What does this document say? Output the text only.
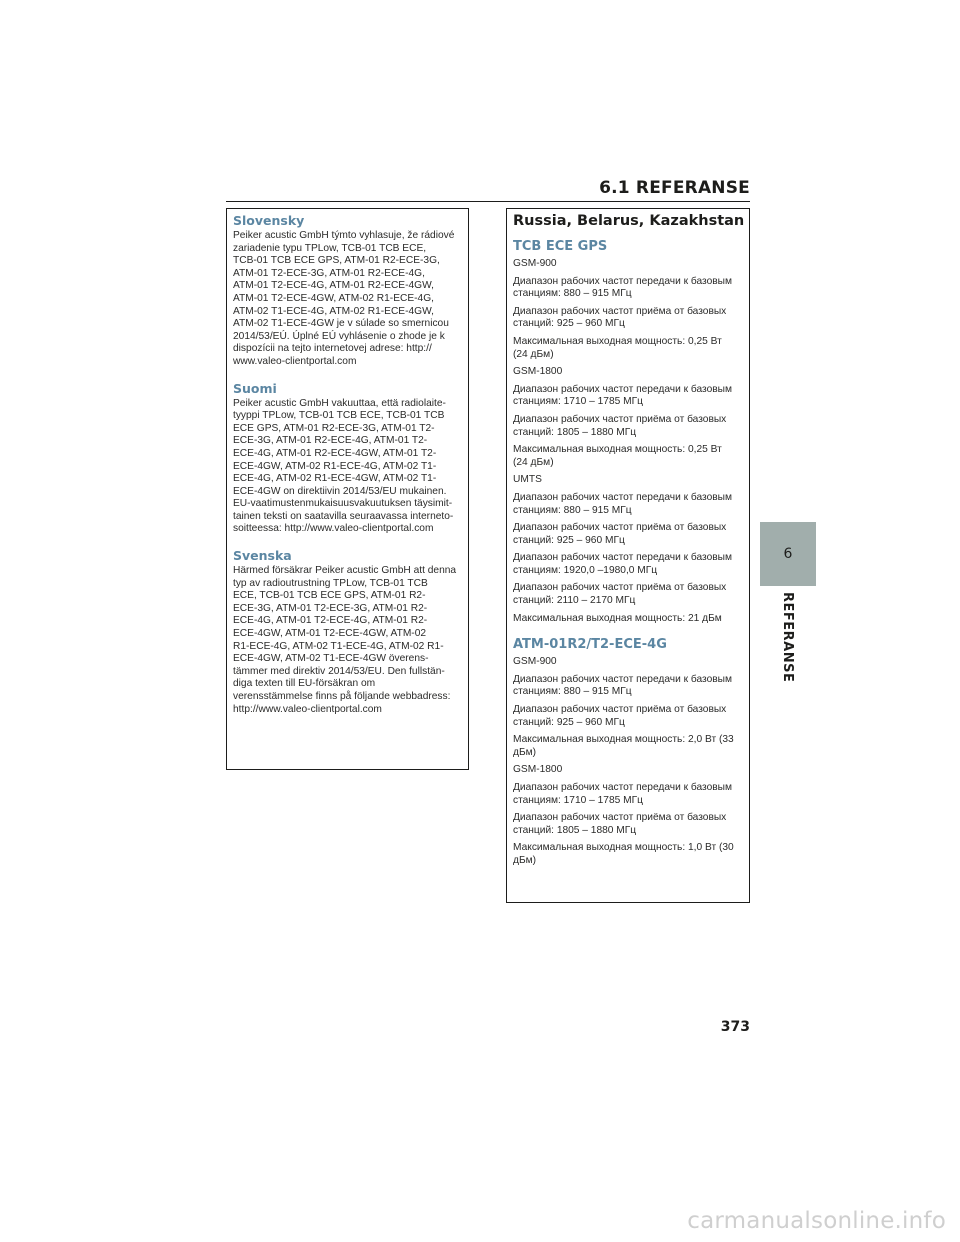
6.1 REFERANSE
Slovensky
Peiker acustic GmbH týmto vyhlasuje, že rádiové
zariadenie typu TPLow, TCB-01 TCB ECE,
TCB-01 TCB ECE GPS, ATM-01 R2-ECE-3G,
ATM-01 T2-ECE-3G, ATM-01 R2-ECE-4G,
ATM-01 T2-ECE-4G, ATM-01 R2-ECE-4GW,
ATM-01 T2-ECE-4GW, ATM-02 R1-ECE-4G,
ATM-02 T1-ECE-4G, ATM-02 R1-ECE-4GW,
ATM-02 T1-ECE-4GW je v súlade so smernicou
2014/53/EÚ. Úplné EÚ vyhlásenie o zhode je k
dispozícii na tejto internetovej adrese: http://
www.valeo-clientportal.com
Suomi
Peiker acustic GmbH vakuuttaa, että radiolaite-
tyyppi TPLow, TCB-01 TCB ECE, TCB-01 TCB
ECE GPS, ATM-01 R2-ECE-3G, ATM-01 T2-
ECE-3G, ATM-01 R2-ECE-4G, ATM-01 T2-
ECE-4G, ATM-01 R2-ECE-4GW, ATM-01 T2-
ECE-4GW, ATM-02 R1-ECE-4G, ATM-02 T1-
ECE-4G, ATM-02 R1-ECE-4GW, ATM-02 T1-
ECE-4GW on direktiivin 2014/53/EU mukainen.
EU-vaatimustenmukaisuusvakuutuksen täysimit-
tainen teksti on saatavilla seuraavassa interneto-
soitteessa: http://www.valeo-clientportal.com
Svenska
Härmed försäkrar Peiker acustic GmbH att denna
typ av radioutrustning TPLow, TCB-01 TCB
ECE, TCB-01 TCB ECE GPS, ATM-01 R2-
ECE-3G, ATM-01 T2-ECE-3G, ATM-01 R2-
ECE-4G, ATM-01 T2-ECE-4G, ATM-01 R2-
ECE-4GW, ATM-01 T2-ECE-4GW, ATM-02
R1-ECE-4G, ATM-02 T1-ECE-4G, ATM-02 R1-
ECE-4GW, ATM-02 T1-ECE-4GW överens-
tämmer med direktiv 2014/53/EU. Den fullstän-
diga texten till EU-försäkran om
verensstämmelse finns på följande webbadress:
http://www.valeo-clientportal.com
Russia, Belarus, Kazakhstan
TCB ECE GPS
GSM-900
Диапазон рабочих частот передачи к базовым
станциям: 880 – 915 МГц
Диапазон рабочих частот приёма от базовых
станций: 925 – 960 МГц
Максимальная выходная мощность: 0,25 Вт
(24 дБм)
GSM-1800
Диапазон рабочих частот передачи к базовым
станциям: 1710 – 1785 МГц
Диапазон рабочих частот приёма от базовых
станций: 1805 – 1880 МГц
Максимальная выходная мощность: 0,25 Вт
(24 дБм)
UMTS
Диапазон рабочих частот передачи к базовым
станциям: 880 – 915 МГц
Диапазон рабочих частот приёма от базовых
станций: 925 – 960 МГц
Диапазон рабочих частот передачи к базовым
станциям: 1920,0 –1980,0 МГц
Диапазон рабочих частот приёма от базовых
станций: 2110 – 2170 МГц
Максимальная выходная мощность: 21 дБм
ATM-01R2/T2-ECE-4G
GSM-900
Диапазон рабочих частот передачи к базовым
станциям: 880 – 915 МГц
Диапазон рабочих частот приёма от базовых
станций: 925 – 960 МГц
Максимальная выходная мощность: 2,0 Вт (33
дБм)
GSM-1800
Диапазон рабочих частот передачи к базовым
станциям: 1710 – 1785 МГц
Диапазон рабочих частот приёма от базовых
станций: 1805 – 1880 МГц
Максимальная выходная мощность: 1,0 Вт (30
дБм)
6
REFERANSE
373
carmanualsonline.info
